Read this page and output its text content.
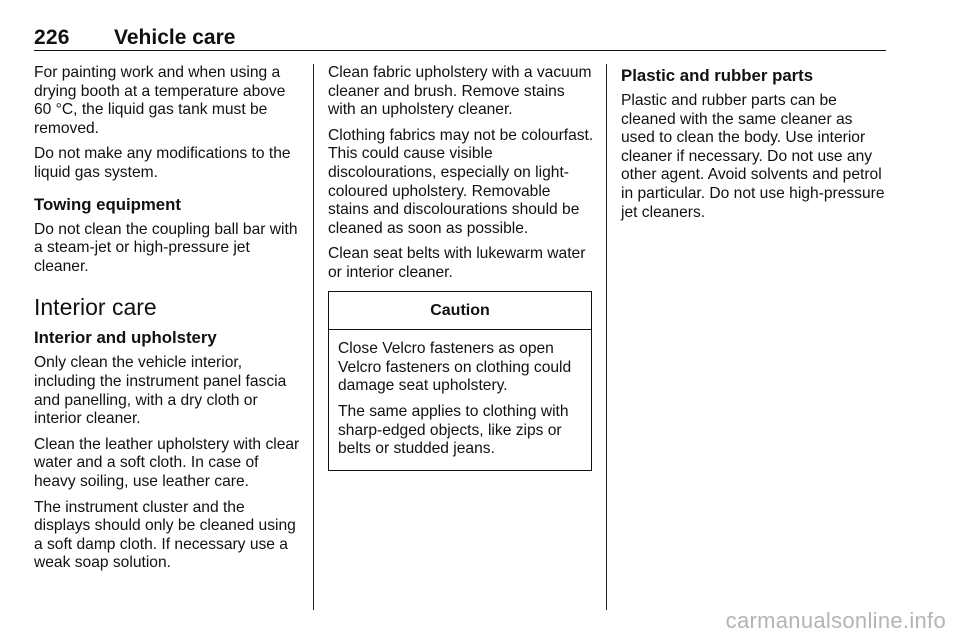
226 Vehicle care

For painting work and when using a drying booth at a temperature above 60 °C, the liquid gas tank must be removed.

Do not make any modifications to the liquid gas system.

Towing equipment

Do not clean the coupling ball bar with a steam-jet or high-pressure jet cleaner.

Interior care
Interior and upholstery

Only clean the vehicle interior, including the instrument panel fascia and panelling, with a dry cloth or interior cleaner.

Clean the leather upholstery with clear water and a soft cloth. In case of heavy soiling, use leather care.

The instrument cluster and the displays should only be cleaned using a soft damp cloth. If necessary use a weak soap solution.

Clean fabric upholstery with a vacuum cleaner and brush. Remove stains with an upholstery cleaner.

Clothing fabrics may not be colourfast. This could cause visible discolourations, especially on light-coloured upholstery. Removable stains and discolourations should be cleaned as soon as possible.

Clean seat belts with lukewarm water or interior cleaner.

Caution

Close Velcro fasteners as open Velcro fasteners on clothing could damage seat upholstery.

The same applies to clothing with sharp-edged objects, like zips or belts or studded jeans.

Plastic and rubber parts

Plastic and rubber parts can be cleaned with the same cleaner as used to clean the body. Use interior cleaner if necessary. Do not use any other agent. Avoid solvents and petrol in particular. Do not use high-pressure jet cleaners.

carmanualsonline.info
